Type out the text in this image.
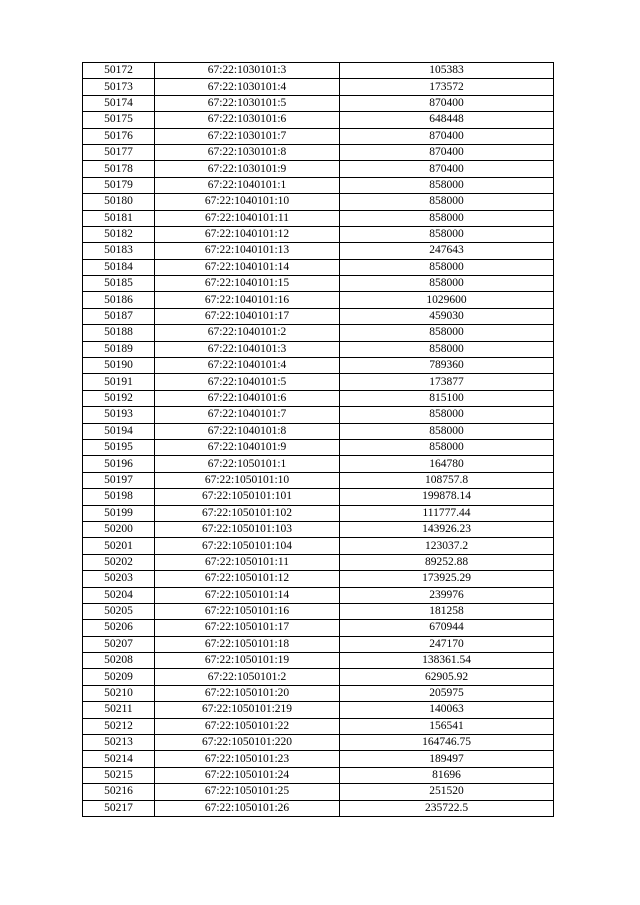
50172	67:22:1030101:3	105383
50173	67:22:1030101:4	173572
50174	67:22:1030101:5	870400
50175	67:22:1030101:6	648448
50176	67:22:1030101:7	870400
50177	67:22:1030101:8	870400
50178	67:22:1030101:9	870400
50179	67:22:1040101:1	858000
50180	67:22:1040101:10	858000
50181	67:22:1040101:11	858000
50182	67:22:1040101:12	858000
50183	67:22:1040101:13	247643
50184	67:22:1040101:14	858000
50185	67:22:1040101:15	858000
50186	67:22:1040101:16	1029600
50187	67:22:1040101:17	459030
50188	67:22:1040101:2	858000
50189	67:22:1040101:3	858000
50190	67:22:1040101:4	789360
50191	67:22:1040101:5	173877
50192	67:22:1040101:6	815100
50193	67:22:1040101:7	858000
50194	67:22:1040101:8	858000
50195	67:22:1040101:9	858000
50196	67:22:1050101:1	164780
50197	67:22:1050101:10	108757.8
50198	67:22:1050101:101	199878.14
50199	67:22:1050101:102	111777.44
50200	67:22:1050101:103	143926.23
50201	67:22:1050101:104	123037.2
50202	67:22:1050101:11	89252.88
50203	67:22:1050101:12	173925.29
50204	67:22:1050101:14	239976
50205	67:22:1050101:16	181258
50206	67:22:1050101:17	670944
50207	67:22:1050101:18	247170
50208	67:22:1050101:19	138361.54
50209	67:22:1050101:2	62905.92
50210	67:22:1050101:20	205975
50211	67:22:1050101:219	140063
50212	67:22:1050101:22	156541
50213	67:22:1050101:220	164746.75
50214	67:22:1050101:23	189497
50215	67:22:1050101:24	81696
50216	67:22:1050101:25	251520
50217	67:22:1050101:26	235722.5
